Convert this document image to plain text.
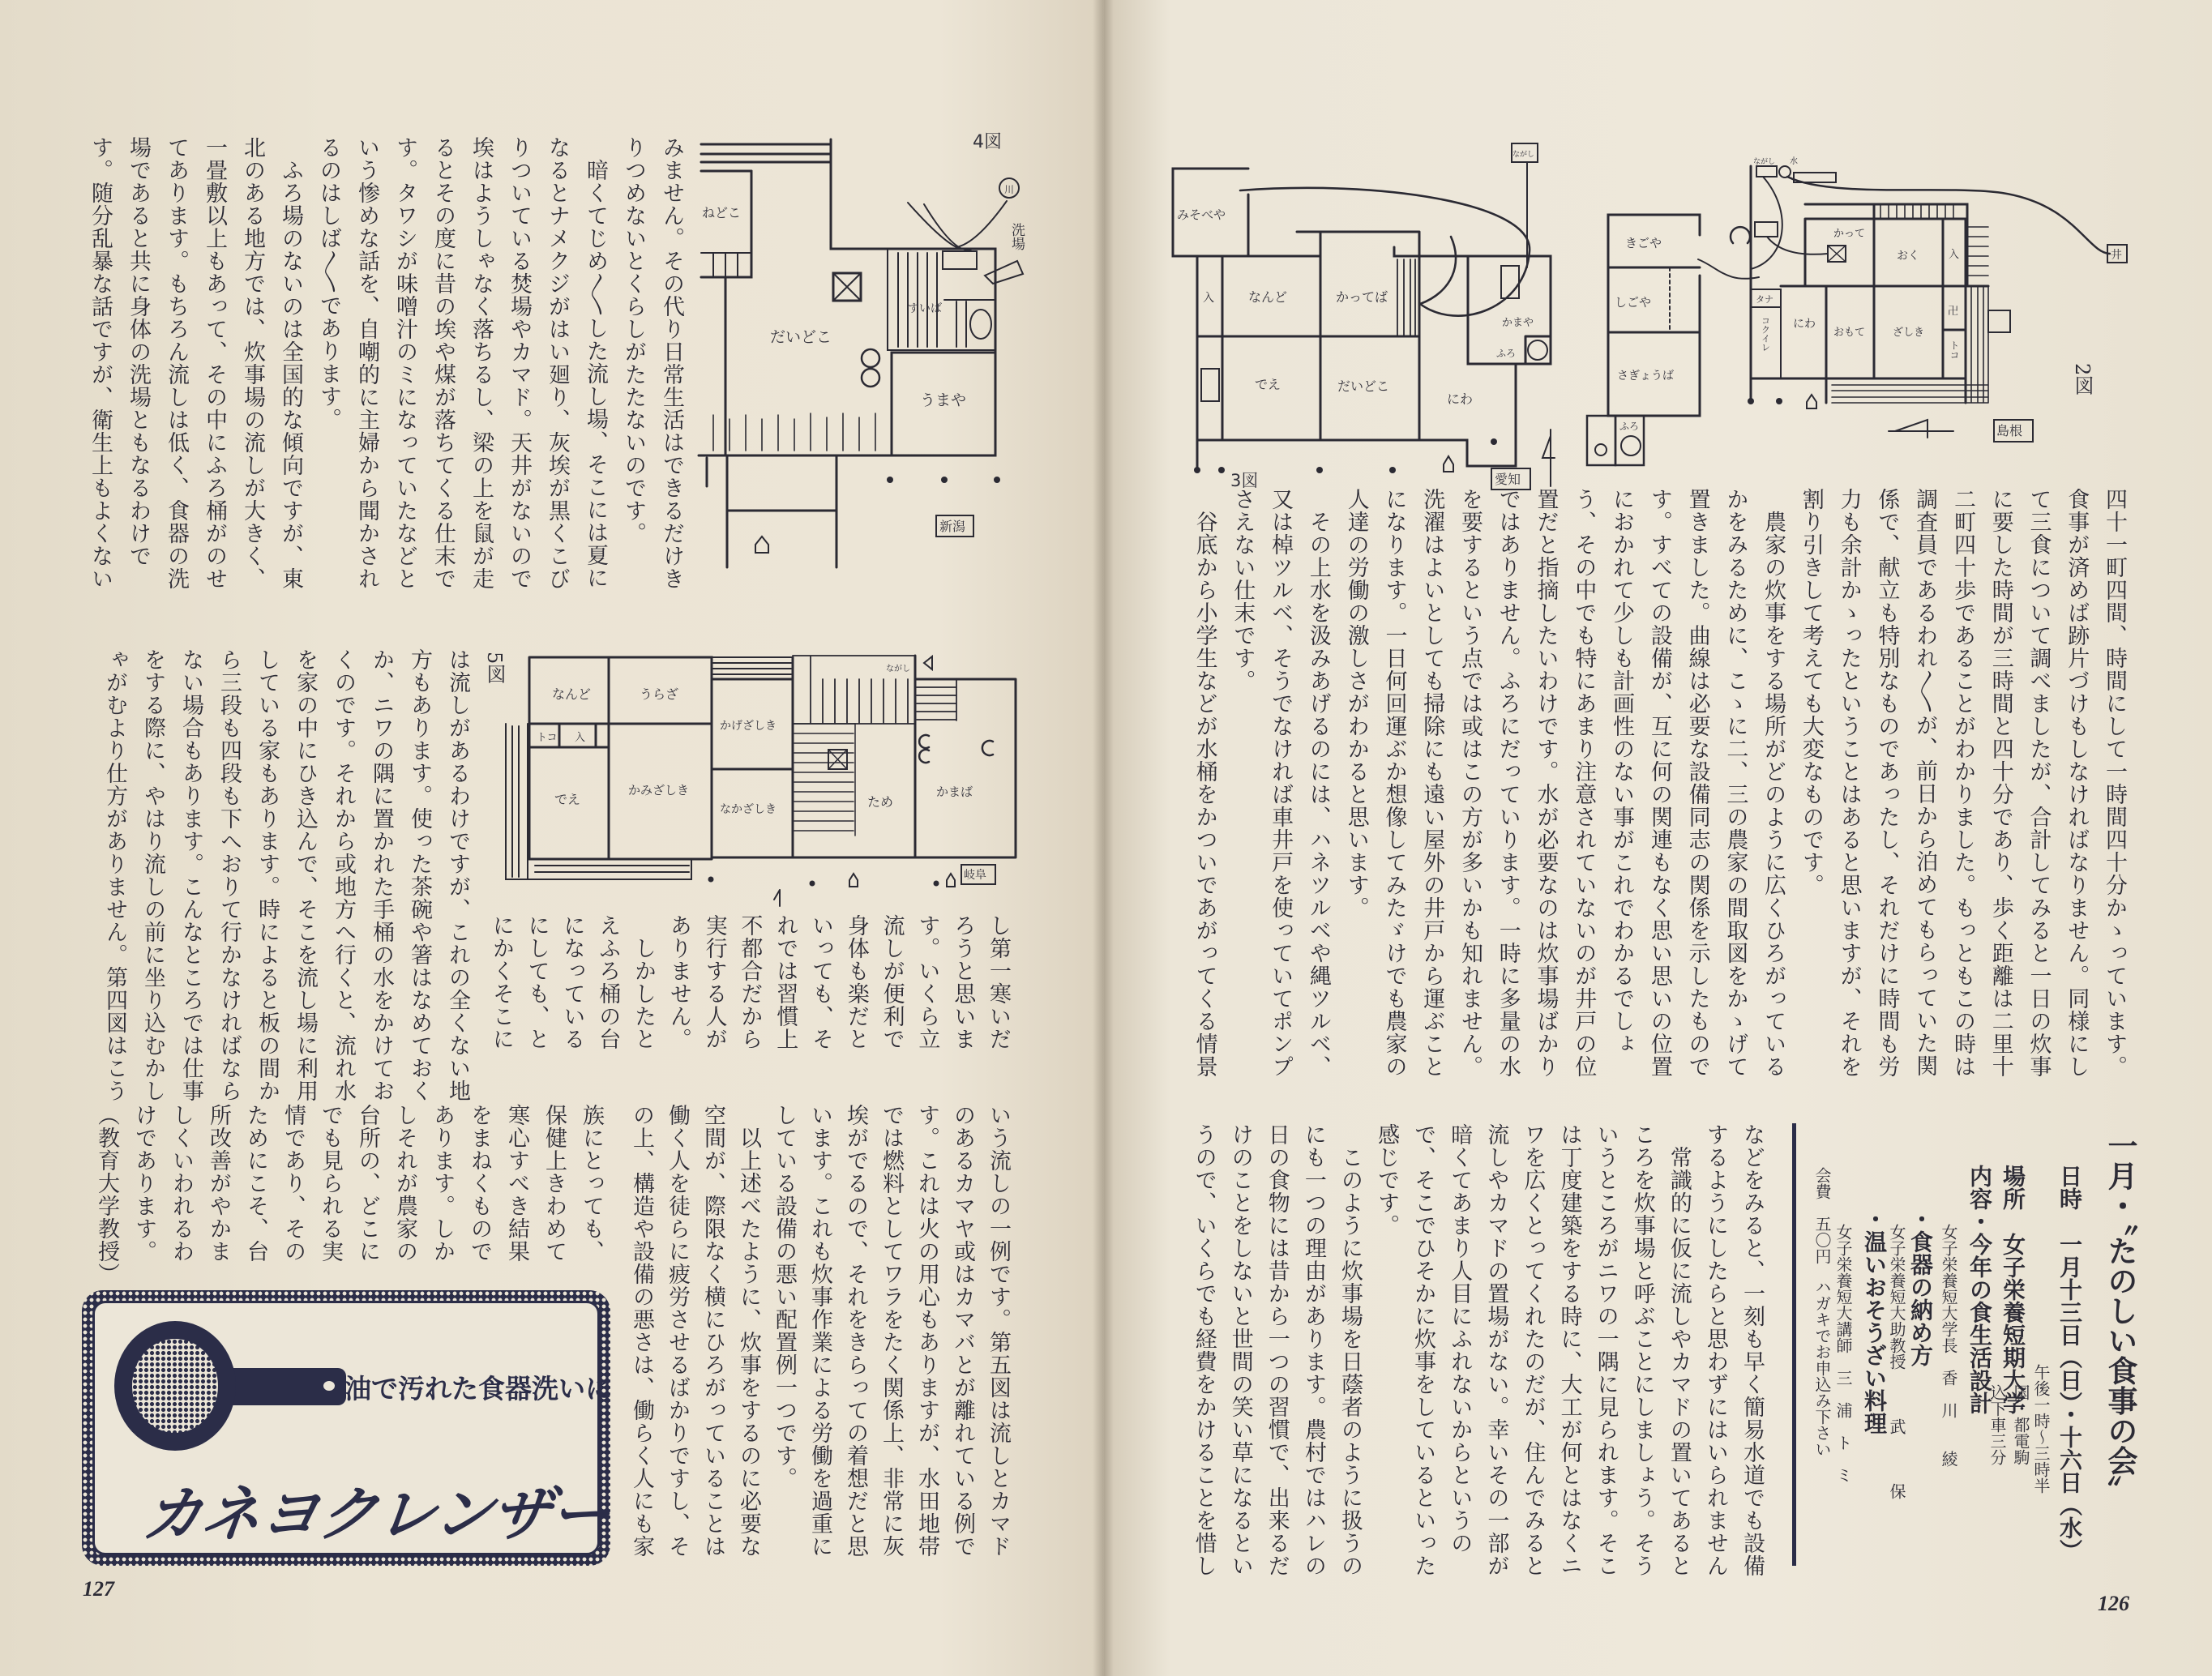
みません。その代り日常生活はできるだけき
りつめないとくらしがたたないのです。
　暗くてじめ〱した流し場、そこには夏に
なるとナメクジがはい廻り、灰埃が黒くこび
りついている焚場やカマド。天井がないので
埃はようしゃなく落ちるし、梁の上を鼠が走
るとその度に昔の埃や煤が落ちてくる仕末で
す。タワシが味噌汁のミになっていたなどと
いう惨めな話を、自嘲的に主婦から聞かされ
るのはしば〱であります。
　ふろ場のないのは全国的な傾向ですが、東
北のある地方では、炊事場の流しが大きく、
一畳敷以上もあって、その中にふろ桶がのせ
てあります。もちろん流しは低く、食器の洗
場であると共に身体の洗場ともなるわけで
す。随分乱暴な話ですが、衛生上もよくない
は流しがあるわけですが、これの全くない地
方もあります。使った茶碗や箸はなめておく
か、ニワの隅に置かれた手桶の水をかけてお
くのです。それから或地方へ行くと、流れ水
を家の中にひき込んで、そこを流し場に利用
している家もあります。時によると板の間か
ら三段も四段も下へおりて行かなければなら
ない場合もあります。こんなところでは仕事
をする際に、やはり流しの前に坐り込むかし
ゃがむより仕方がありません。第四図はこう	し第一寒いだ
ろうと思いま
す。いくら立
流しが便利で
身体も楽だと
いっても、そ
れでは習慣上
不都合だから
実行する人が
ありません。
　しかしたと
えふろ桶の台
になっている
にしても、と
にかくそこに
いう流しの一例です。第五図は流しとカマド
のあるカマヤ或はカマバとが離れている例で
す。これは火の用心もありますが、水田地帯
では燃料としてワラをたく関係上、非常に灰
埃がでるので、それをきらっての着想だと思
います。これも炊事作業による労働を過重に
している設備の悪い配置例一つです。
　以上述べたように、炊事をするのに必要な
空間が、際限なく横にひろがっていることは
働く人を徒らに疲労させるばかりですし、そ
の上、構造や設備の悪さは、働らく人にも家
族にとっても、
保健上きわめて
寒心すべき結果
をまねくもので
あります。しか
しそれが農家の
台所の、どこに
でも見られる実
情であり、その
ためにこそ、台
所改善がやかま
しくいわれるわ
けであります。
（教育大学教授）
油で汚れた食器洗いに
カネヨクレンザー
127
126
4図
ねどこ
だいどこ
すいば
うまや
洗場
川
新潟
なんど	うらざ
トコ 入
でえ
かみざしき
かげざしき
なかざしき	ため
かまば
ながし
岐阜
5図
みそべや
入	なんど	かってば
でえ	だいどこ
にわ
かまや
ふろ
ながし
3図	愛知
きごや
しごや
さぎょうば
ふろ
ながし 水
かって
おく	入
にわ
おもて	ざしき
タナ
コクイレ	トコ
卍
井
島根
2図
四十一町四間、時間にして一時間四十分かゝっています。
食事が済めば跡片づけもしなければなりません。同様にし
て三食について調べましたが、合計してみると一日の炊事
に要した時間が三時間と四十分であり、歩く距離は二里十
二町四十歩であることがわかりました。もっともこの時は
調査員であるわれ〱が、前日から泊めてもらっていた関
係で、献立も特別なものであったし、それだけに時間も労
力も余計かゝったということはあると思いますが、それを
割り引きして考えても大変なものです。
　農家の炊事をする場所がどのように広くひろがっている
かをみるために、こゝに二、三の農家の間取図をかゝげて
置きました。曲線は必要な設備同志の関係を示したもので
す。すべての設備が、互に何の関連もなく思い思いの位置
におかれて少しも計画性のない事がこれでわかるでしょ
う、その中でも特にあまり注意されていないのが井戸の位
置だと指摘したいわけです。水が必要なのは炊事場ばかり
ではありません。ふろにだっていります。一時に多量の水
を要するという点では或はこの方が多いかも知れません。
洗濯はよいとしても掃除にも遠い屋外の井戸から運ぶこと
になります。一日何回運ぶか想像してみたゞけでも農家の
人達の労働の激しさがわかると思います。
　その上水を汲みあげるのには、ハネツルベや縄ツルベ、
又は棹ツルベ、そうでなければ車井戸を使っていてポンプ
さえない仕末です。
　谷底から小学生などが水桶をかついであがってくる情景
などをみると、一刻も早く簡易水道でも設備
するようにしたらと思わずにはいられません
　常識的に仮に流しやカマドの置いてあると
ころを炊事場と呼ぶことにしましょう。そう
いうところがニワの一隅に見られます。そこ
は丁度建築をする時に、大工が何とはなくニ
ワを広くとってくれたのだが、住んでみると
流しやカマドの置場がない。幸いその一部が
暗くてあまり人目にふれないからというの
で、そこでひそかに炊事をしているといった
感じです。
　このように炊事場を日蔭者のように扱うの
にも一つの理由があります。農村ではハレの
日の食物には昔から一つの習慣で、出来るだ
けのことをしないと世間の笑い草になるとい
うので、いくらでも経費をかけることを惜し	一月・〝たのしい食事の会〟
日時　一月十三日（日）・十六日（水）
午後一時〜三時半
場所　女子栄養短期大学
国・都電駒込下車三分
内容・今年の食生活設計
女子栄養短大学長　香　川　　綾
・食器の納め方
女子栄養短大助教授　　　武　　　保
・温いおそうざい料理
女子栄養短大講師　三　浦　ト　ミ
会費　五〇円
ハガキでお申込み下さい
